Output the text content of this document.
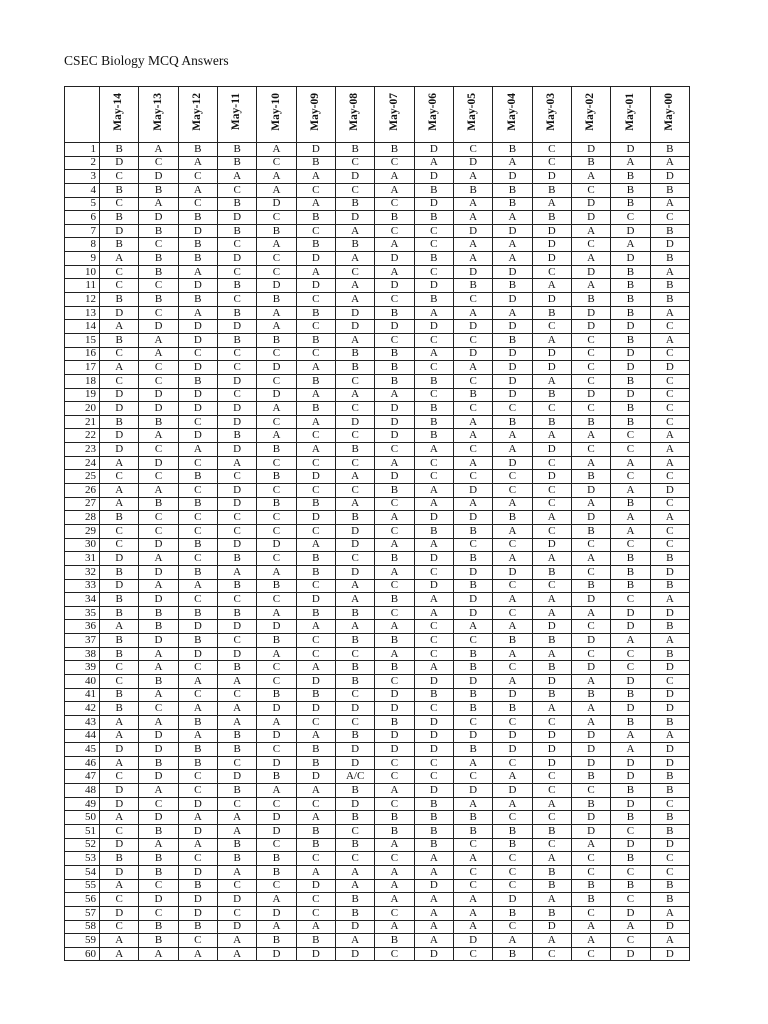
CSEC Biology MCQ Answers
	May-14	May-13	May-12	May-11	May-10	May-09	May-08	May-07	May-06	May-05	May-04	May-03	May-02	May-01	May-00
1	B	A	B	B	A	D	B	B	D	C	B	C	D	D	B
2	D	C	A	B	C	B	C	C	A	D	A	C	B	A	A
3	C	D	C	A	A	A	D	A	D	A	D	D	A	B	D
4	B	B	A	C	A	C	C	A	B	B	B	B	C	B	B
5	C	A	C	B	D	A	B	C	D	A	B	A	D	B	A
6	B	D	B	D	C	B	D	B	B	A	A	B	D	C	C
7	D	B	D	B	B	C	A	C	C	D	D	D	A	D	B
8	B	C	B	C	A	B	B	A	C	A	A	D	C	A	D
9	A	B	B	D	C	D	A	D	B	A	A	D	A	D	B
10	C	B	A	C	C	A	C	A	C	D	D	C	D	B	A
11	C	C	D	B	D	D	A	D	D	B	B	A	A	B	B
12	B	B	B	C	B	C	A	C	B	C	D	D	B	B	B
13	D	C	A	B	A	B	D	B	A	A	A	B	D	B	A
14	A	D	D	D	A	C	D	D	D	D	D	C	D	D	C
15	B	A	D	B	B	B	A	C	C	C	B	A	C	B	A
16	C	A	C	C	C	C	B	B	A	D	D	D	C	D	C
17	A	C	D	C	D	A	B	B	C	A	D	D	C	D	D
18	C	C	B	D	C	B	C	B	B	C	D	A	C	B	C
19	D	D	D	C	D	A	A	A	C	B	D	B	D	D	C
20	D	D	D	D	A	B	C	D	B	C	C	C	C	B	C
21	B	B	C	D	C	A	D	D	B	A	B	B	B	B	C
22	D	A	D	B	A	C	C	D	B	A	A	A	A	C	A
23	D	C	A	D	B	A	B	C	A	C	A	D	C	C	A
24	A	D	C	A	C	C	C	A	C	A	D	C	A	A	A
25	C	C	B	C	B	D	A	D	C	C	C	D	B	C	C
26	A	A	C	D	C	C	C	B	A	D	C	C	D	A	D
27	A	B	B	D	B	B	A	C	A	A	A	C	A	B	C
28	B	C	C	C	C	D	B	A	D	D	B	A	D	A	A
29	C	C	C	C	C	C	D	C	B	B	A	C	B	A	C
30	C	D	B	D	D	A	D	A	A	C	C	D	C	C	C
31	D	A	C	B	C	B	C	B	D	B	A	A	A	B	B
32	B	D	B	A	A	B	D	A	C	D	D	B	C	B	D
33	D	A	A	B	B	C	A	C	D	B	C	C	B	B	B
34	B	D	C	C	C	D	A	B	A	D	A	A	D	C	A
35	B	B	B	B	A	B	B	C	A	D	C	A	A	D	D
36	A	B	D	D	D	A	A	A	C	A	A	D	C	D	B
37	B	D	B	C	B	C	B	B	C	C	B	B	D	A	A
38	B	A	D	D	A	C	C	A	C	B	A	A	C	C	B
39	C	A	C	B	C	A	B	B	A	B	C	B	D	C	D
40	C	B	A	A	C	D	B	C	D	D	A	D	A	D	C
41	B	A	C	C	B	B	C	D	B	B	D	B	B	B	D
42	B	C	A	A	D	D	D	D	C	B	B	A	A	D	D
43	A	A	B	A	A	C	C	B	D	C	C	C	A	B	B
44	A	D	A	B	D	A	B	D	D	D	D	D	D	A	A
45	D	D	B	B	C	B	D	D	D	B	D	D	D	A	D
46	A	B	B	C	D	B	D	C	C	A	C	D	D	D	D
47	C	D	C	D	B	D	A/C	C	C	C	A	C	B	D	B
48	D	A	C	B	A	A	B	A	D	D	D	C	C	B	B
49	D	C	D	C	C	C	D	C	B	A	A	A	B	D	C
50	A	D	A	A	D	A	B	B	B	B	C	C	D	B	B
51	C	B	D	A	D	B	C	B	B	B	B	B	D	C	B
52	D	A	A	B	C	B	B	A	B	C	B	C	A	D	D
53	B	B	C	B	B	C	C	C	A	A	C	A	C	B	C
54	D	B	D	A	B	A	A	A	A	C	C	B	C	C	C
55	A	C	B	C	C	D	A	A	D	C	C	B	B	B	B
56	C	D	D	D	A	C	B	A	A	A	D	A	B	C	B
57	D	C	D	C	D	C	B	C	A	A	B	B	C	D	A
58	C	B	B	D	A	A	D	A	A	A	C	D	A	A	D
59	A	B	C	A	B	B	A	B	A	D	A	A	A	C	A
60	A	A	A	A	D	D	D	C	D	C	B	C	C	D	D
